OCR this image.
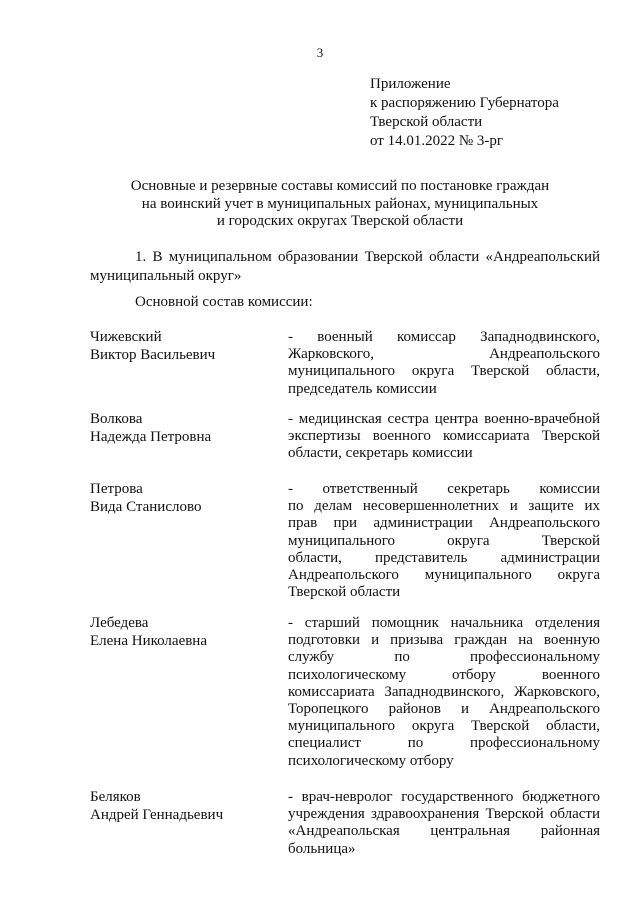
3
Приложение
к распоряжению Губернатора
Тверской области
от 14.01.2022 № 3-рг
Основные и резервные составы комиссий по постановке граждан
на воинский учет в муниципальных районах, муниципальных
и городских округах Тверской области

1. В муниципальном образовании Тверской области «Андреапольский

муниципальный округ»

Основной состав комиссии:
Чижевский
Виктор Васильевич
- военный комиссар Западнодвинского,
Жарковского, Андреапольского
муниципального округа Тверской области,
председатель комиссии
Волкова
Надежда Петровна
- медицинская сестра центра военно-врачебной
экспертизы военного комиссариата Тверской
области, секретарь комиссии
Петрова
Вида Станислово
- ответственный секретарь комиссии
по делам несовершеннолетних и защите их
прав при администрации Андреапольского
муниципального округа Тверской
области, представитель администрации
Андреапольского муниципального округа
Тверской области
Лебедева
Елена Николаевна
- старший помощник начальника отделения
подготовки и призыва граждан на военную
службу по профессиональному
психологическому отбору военного
комиссариата Западнодвинского, Жарковского,
Торопецкого районов и Андреапольского
муниципального округа Тверской области,
специалист по профессиональному
психологическому отбору
Беляков
Андрей Геннадьевич
- врач-невролог государственного бюджетного
учреждения здравоохранения Тверской области
«Андреапольская центральная районная
больница»
